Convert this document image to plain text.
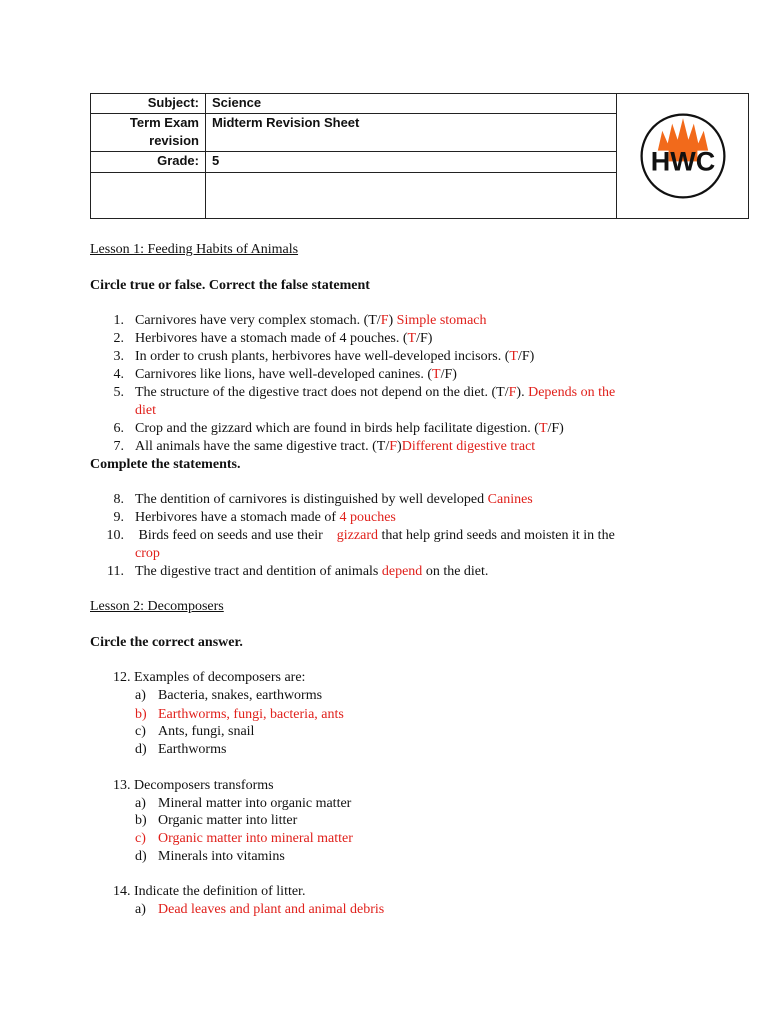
Subject:	Science	HWC

Term Exam
revision	Midterm Revision Sheet	
Grade:	5	

Lesson 1: Feeding Habits of Animals
Circle true or false. Correct the false statement
1. Carnivores have very complex stomach. (T/F) Simple stomach
2. Herbivores have a stomach made of 4 pouches. (T/F)
3. In order to crush plants, herbivores have well-developed incisors. (T/F)
4. Carnivores like lions, have well-developed canines. (T/F)
5. The structure of the digestive tract does not depend on the diet. (T/F). Depends on the
diet
6. Crop and the gizzard which are found in birds help facilitate digestion. (T/F)
7. All animals have the same digestive tract. (T/F)Different digestive tract
Complete the statements.
8. The dentition of carnivores is distinguished by well developed Canines
9. Herbivores have a stomach made of 4 pouches
10. Birds feed on seeds and use their    gizzard that help grind seeds and moisten it in the
crop
11. The digestive tract and dentition of animals depend on the diet.
Lesson 2: Decomposers
Circle the correct answer.
12. Examples of decomposers are:
a) Bacteria, snakes, earthworms
b) Earthworms, fungi, bacteria, ants
c) Ants, fungi, snail
d) Earthworms
13. Decomposers transforms
a) Mineral matter into organic matter
b) Organic matter into litter
c) Organic matter into mineral matter
d) Minerals into vitamins
14. Indicate the definition of litter.
a) Dead leaves and plant and animal debris
